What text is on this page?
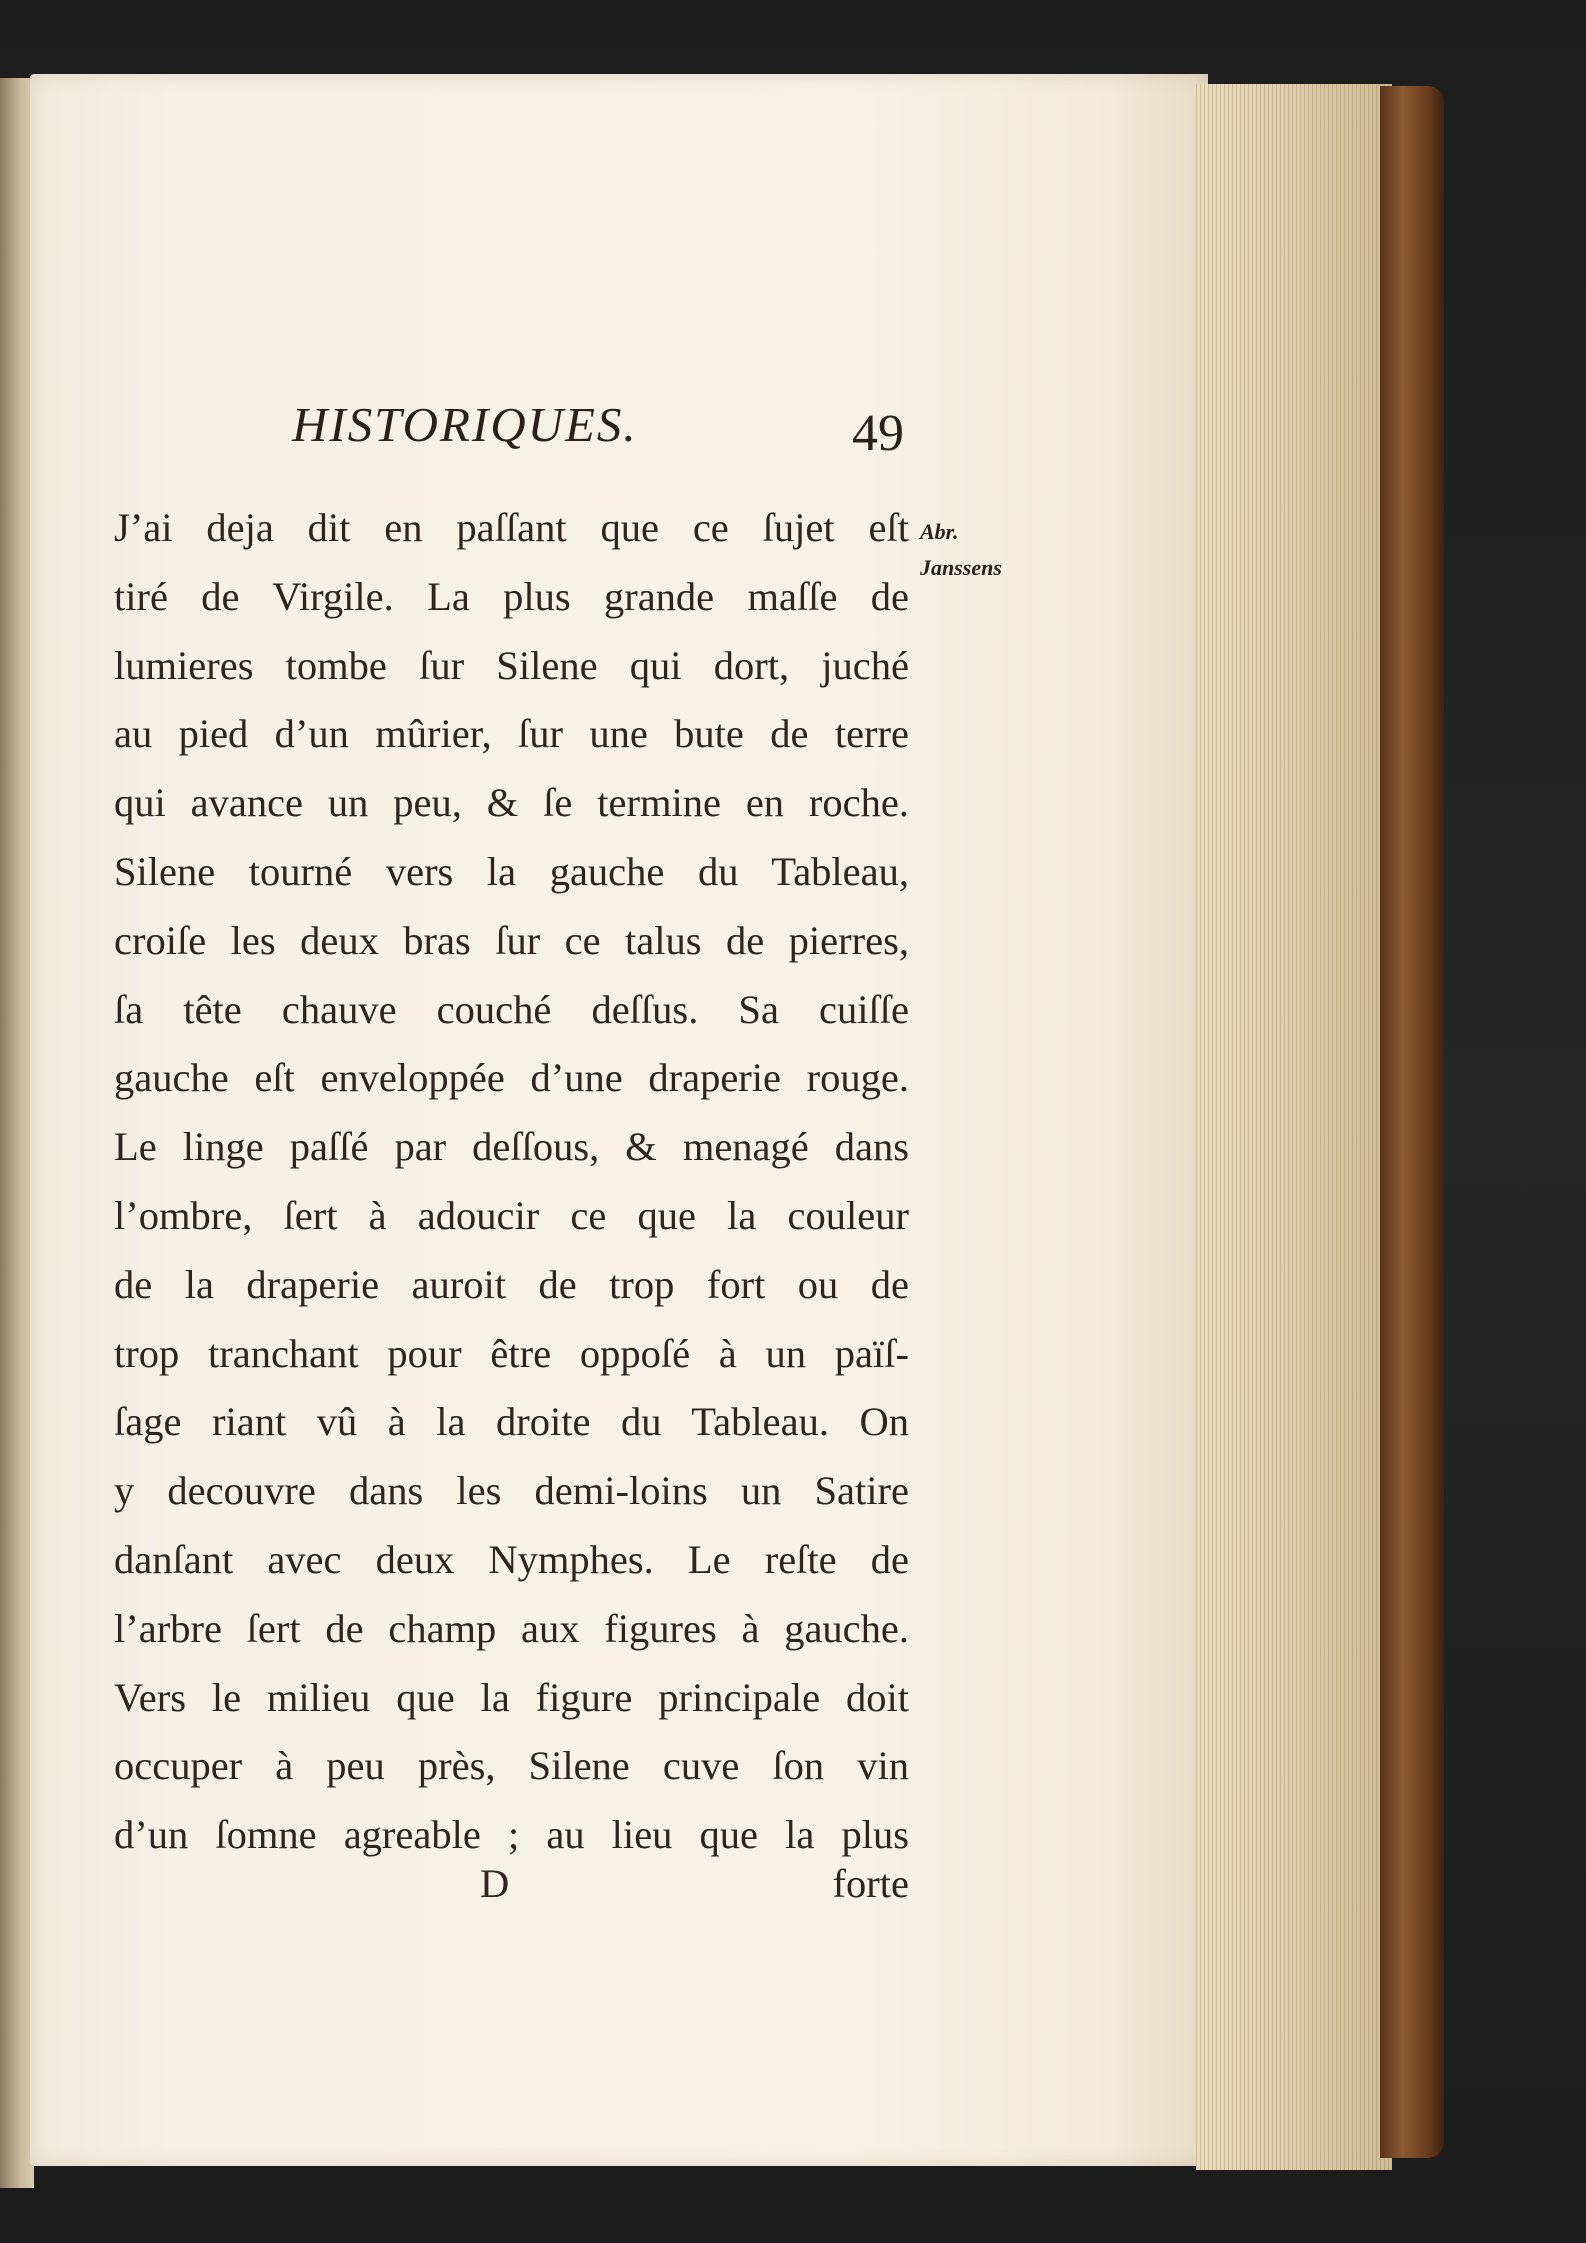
HISTORIQUES.	49
J’ai deja dit en paſſant que ce ſujet eſt
tiré de Virgile. La plus grande maſſe de
lumieres tombe ſur Silene qui dort, juché
au pied d’un mûrier, ſur une bute de terre
qui avance un peu, & ſe termine en roche.
Silene tourné vers la gauche du Tableau,
croiſe les deux bras ſur ce talus de pierres,
ſa tête chauve couché deſſus. Sa cuiſſe
gauche eſt enveloppée d’une draperie rouge.
Le linge paſſé par deſſous, & menagé dans
l’ombre, ſert à adoucir ce que la couleur
de la draperie auroit de trop fort ou de
trop tranchant pour être oppoſé à un païſ-
ſage riant vû à la droite du Tableau. On
y decouvre dans les demi-loins un Satire
danſant avec deux Nymphes. Le reſte de
l’arbre ſert de champ aux figures à gauche.
Vers le milieu que la figure principale doit
occuper à peu près, Silene cuve ſon vin
d’un ſomne agreable ; au lieu que la plus
Abr.
Janssens
D	forte
